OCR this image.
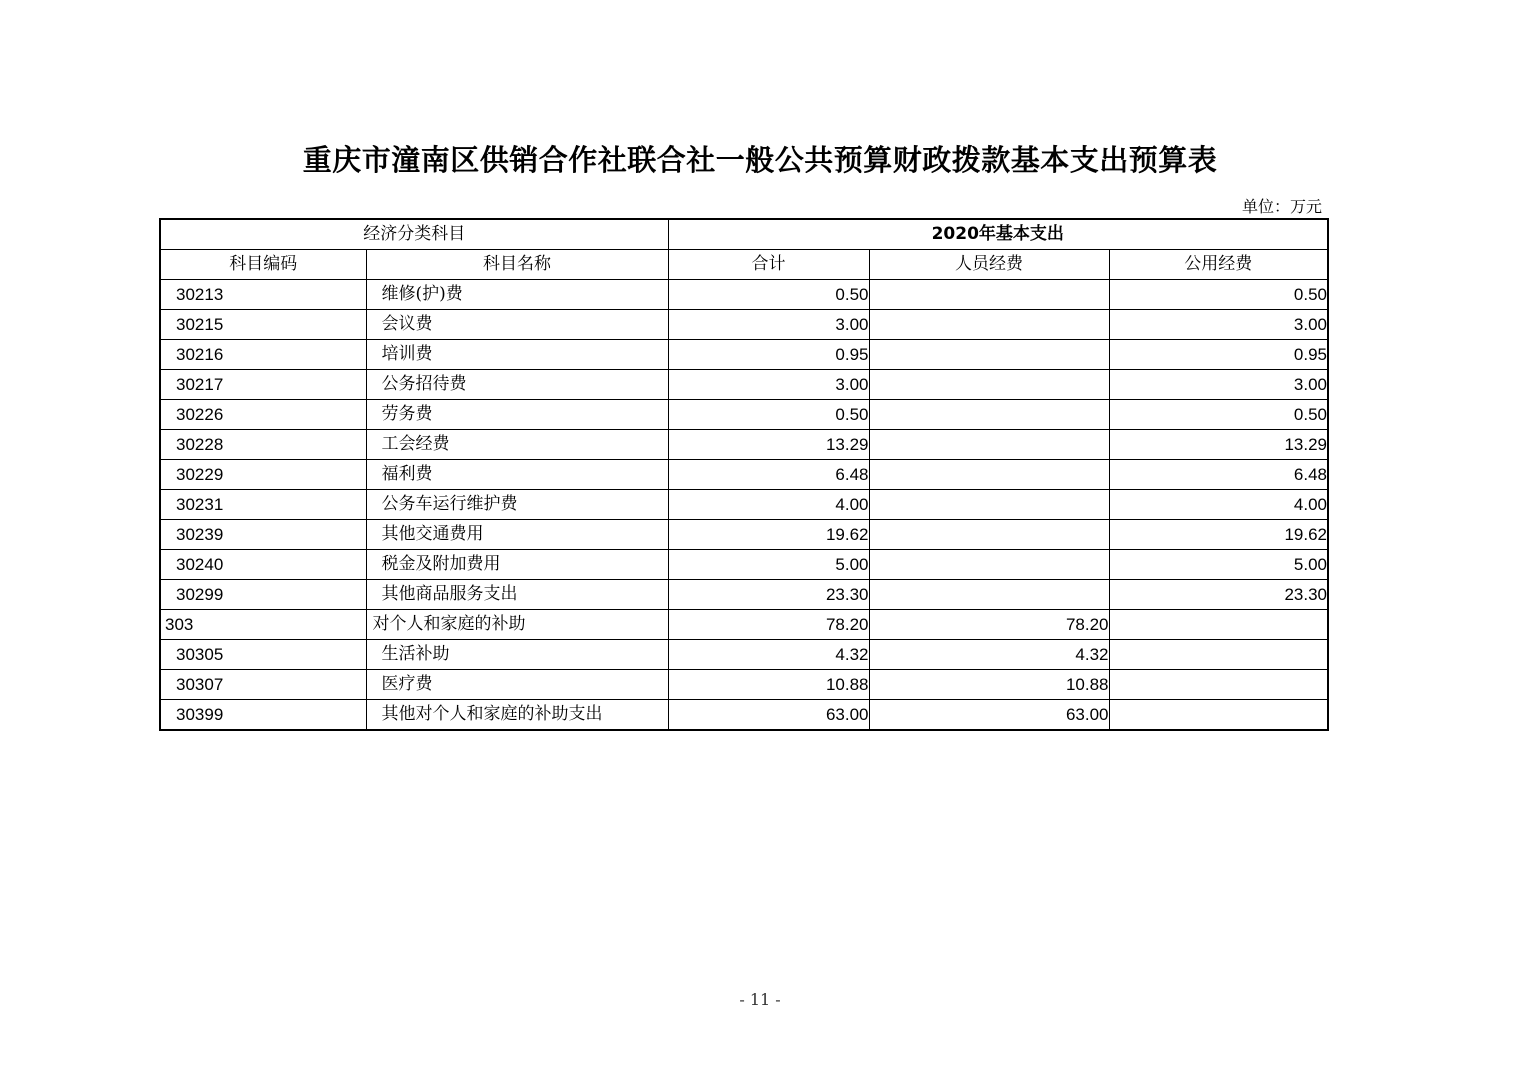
重庆市潼南区供销合作社联合社一般公共预算财政拨款基本支出预算表
单位：万元
经济分类科目		2020年基本支出		
科目编码	科目名称	合计	人员经费	公用经费
30213	维修(护)费	0.50		0.50
30215	会议费	3.00		3.00
30216	培训费	0.95		0.95
30217	公务招待费	3.00		3.00
30226	劳务费	0.50		0.50
30228	工会经费	13.29		13.29
30229	福利费	6.48		6.48
30231	公务车运行维护费	4.00		4.00
30239	其他交通费用	19.62		19.62
30240	税金及附加费用	5.00		5.00
30299	其他商品服务支出	23.30		23.30
303	对个人和家庭的补助	78.20	78.20	
30305	生活补助	4.32	4.32	
30307	医疗费	10.88	10.88	
30399	其他对个人和家庭的补助支出	63.00	63.00	
- 11 -
